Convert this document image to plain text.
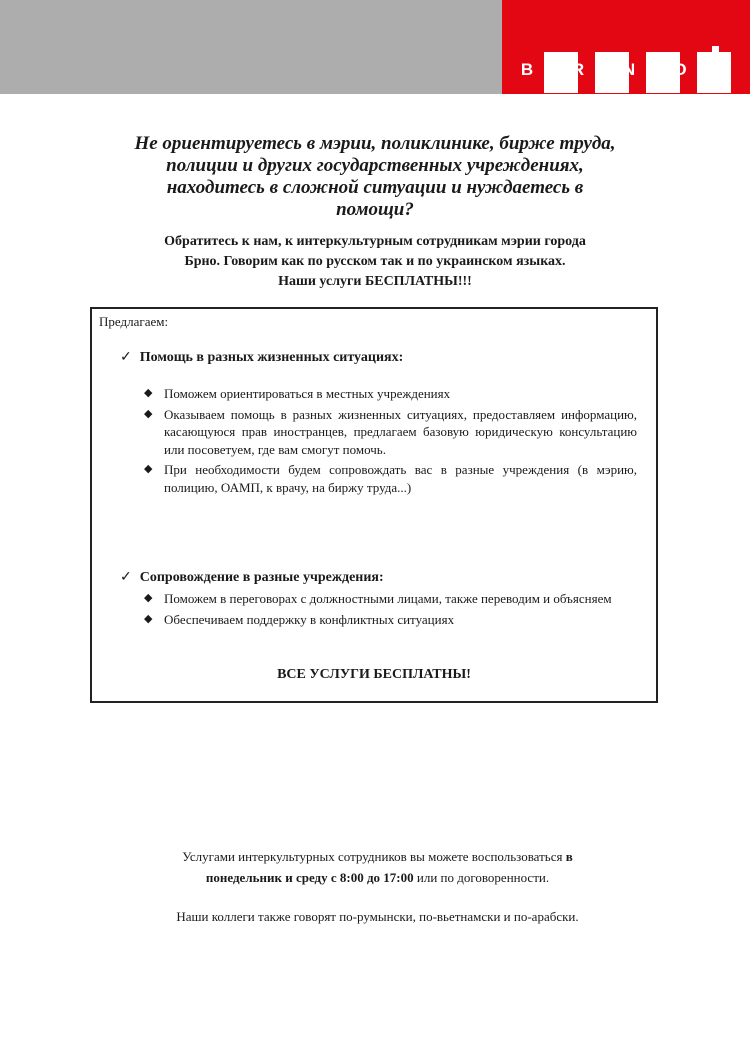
B R N O

Не ориентируетесь в мэрии, поликлинике, бирже труда,
полиции и других государственных учреждениях,
находитесь в сложной ситуации и нуждаетесь в
помощи?

Обратитесь к нам, к интеркультурным сотрудникам мэрии города
Брно. Говорим как по русском так и по украинском языках.
Наши услуги БЕСПЛАТНЫ!!!

Предлагаем:

✓ Помощь в разных жизненных ситуациях:

◆ Поможем ориентироваться в местных учреждениях
◆ Оказываем помощь в разных жизненных ситуациях, предоставляем информацию, касающуюся прав иностранцев, предлагаем базовую юридическую консультацию или посоветуем, где вам смогут помочь.
◆ При необходимости будем сопровождать вас в разные учреждения (в мэрию, полицию, ОАМП, к врачу, на биржу труда...)

✓ Сопровождение в разные учреждения:

◆ Поможем в переговорах с должностными лицами, также переводим и объясняем
◆ Обеспечиваем поддержку в конфликтных ситуациях

ВСЕ УСЛУГИ БЕСПЛАТНЫ!

Услугами интеркультурных сотрудников вы можете воспользоваться в
понедельник и среду с 8:00 до 17:00 или по договоренности.

Наши коллеги также говорят по-румынски, по-вьетнамски и по-арабски.
